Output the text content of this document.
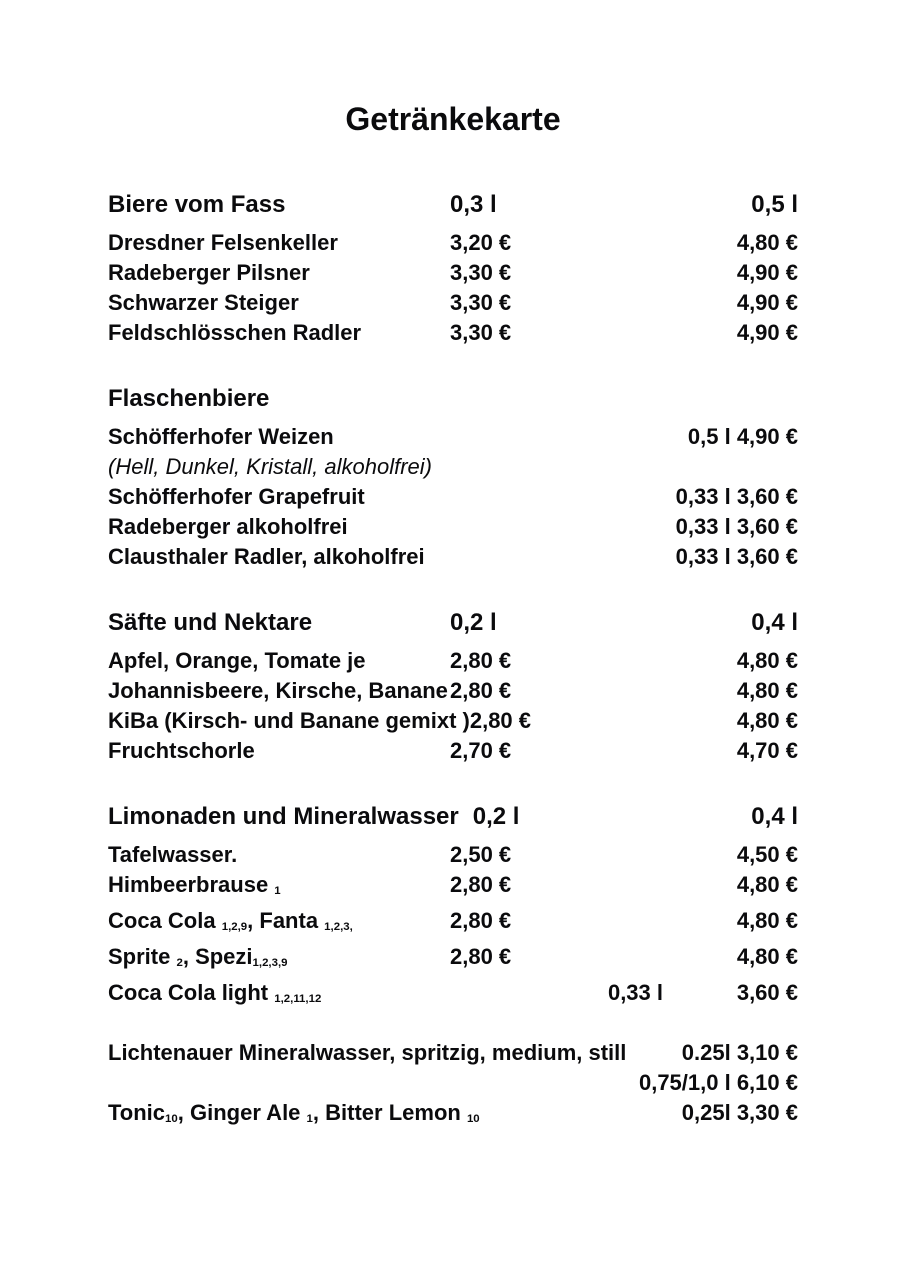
Getränkekarte
Biere vom Fass	0,3 l	0,5 l
Dresdner Felsenkeller	3,20 €	4,80 €
Radeberger Pilsner	3,30 €	4,90 €
Schwarzer Steiger	3,30 €	4,90 €
Feldschlösschen Radler	3,30 €	4,90 €
Flaschenbiere
Schöfferhofer Weizen	0,5 l 4,90 €
(Hell, Dunkel, Kristall, alkoholfrei)
Schöfferhofer Grapefruit	0,33 l 3,60 €
Radeberger alkoholfrei	0,33 l 3,60 €
Clausthaler Radler, alkoholfrei	0,33 l 3,60 €
Säfte und Nektare	0,2 l	0,4 l
Apfel, Orange, Tomate je	2,80 €	4,80 €
Johannisbeere, Kirsche, Banane 2,80 €	4,80 €
KiBa (Kirsch- und Banane gemixt ) 2,80 €	4,80 €
Fruchtschorle	2,70 €	4,70 €
Limonaden und Mineralwasser 0,2 l	0,4 l
Tafelwasser.	2,50 €	4,50 €
Himbeerbrause 1	2,80 €	4,80 €
Coca Cola 1,2,9, Fanta 1,2,3,	2,80 €	4,80 €
Sprite 2, Spezi1,2,3,9	2,80 €	4,80 €
Coca Cola light 1,2,11,12	0,33 l	3,60 €
Lichtenauer Mineralwasser, spritzig, medium, still	0.25l 3,10 €
0,75/1,0 l 6,10 €
Tonic10, Ginger Ale 1, Bitter Lemon 10	0,25l 3,30 €
